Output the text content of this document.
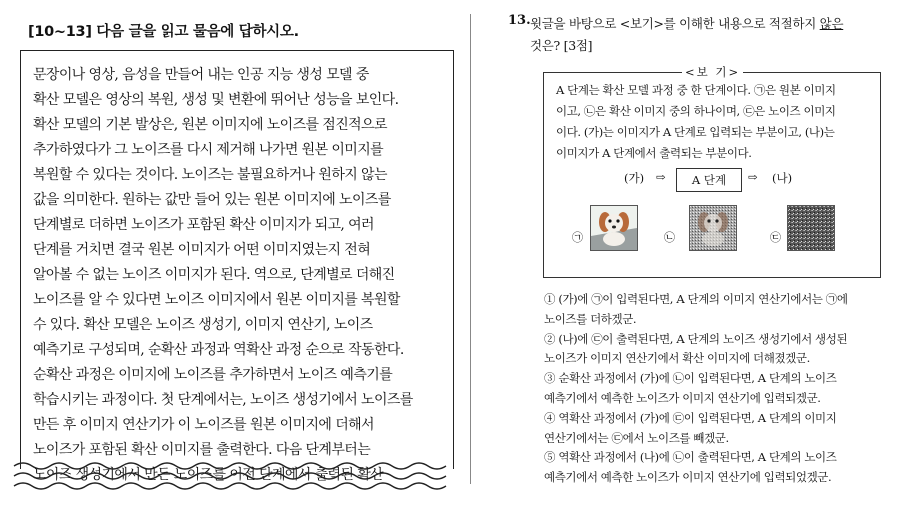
[10~13] 다음 글을 읽고 물음에 답하시오.
문장이나 영상, 음성을 만들어 내는 인공 지능 생성 모델 중
확산 모델은 영상의 복원, 생성 및 변환에 뛰어난 성능을 보인다.
확산 모델의 기본 발상은, 원본 이미지에 노이즈를 점진적으로
추가하였다가 그 노이즈를 다시 제거해 나가면 원본 이미지를
복원할 수 있다는 것이다. 노이즈는 불필요하거나 원하지 않는
값을 의미한다. 원하는 값만 들어 있는 원본 이미지에 노이즈를
단계별로 더하면 노이즈가 포함된 확산 이미지가 되고, 여러
단계를 거치면 결국 원본 이미지가 어떤 이미지였는지 전혀
알아볼 수 없는 노이즈 이미지가 된다. 역으로, 단계별로 더해진
노이즈를 알 수 있다면 노이즈 이미지에서 원본 이미지를 복원할
수 있다. 확산 모델은 노이즈 생성기, 이미지 연산기, 노이즈
예측기로 구성되며, 순확산 과정과 역확산 과정 순으로 작동한다.
순확산 과정은 이미지에 노이즈를 추가하면서 노이즈 예측기를
학습시키는 과정이다. 첫 단계에서는, 노이즈 생성기에서 노이즈를
만든 후 이미지 연산기가 이 노이즈를 원본 이미지에 더해서
노이즈가 포함된 확산 이미지를 출력한다. 다음 단계부터는
노이즈 생성기에서 만든 노이즈를 이전 단계에서 출력된 확산
13. 윗글을 바탕으로 <보기>를 이해한 내용으로 적절하지 않은
것은? [3점]
<보 기>
A 단계는 확산 모델 과정 중 한 단계이다. ㉠은 원본 이미지
이고, ㉡은 확산 이미지 중의 하나이며, ㉢은 노이즈 이미지
이다. (가)는 이미지가 A 단계로 입력되는 부분이고, (나)는
이미지가 A 단계에서 출력되는 부분이다.
(가) ⇨	A 단계	⇨ (나)
㉠	㉡	㉢
① (가)에 ㉠이 입력된다면, A 단계의 이미지 연산기에서는 ㉠에
노이즈를 더하겠군.
② (나)에 ㉢이 출력된다면, A 단계의 노이즈 생성기에서 생성된
노이즈가 이미지 연산기에서 확산 이미지에 더해졌겠군.
③ 순확산 과정에서 (가)에 ㉡이 입력된다면, A 단계의 노이즈
예측기에서 예측한 노이즈가 이미지 연산기에 입력되겠군.
④ 역확산 과정에서 (가)에 ㉢이 입력된다면, A 단계의 이미지
연산기에서는 ㉢에서 노이즈를 빼겠군.
⑤ 역확산 과정에서 (나)에 ㉡이 출력된다면, A 단계의 노이즈
예측기에서 예측한 노이즈가 이미지 연산기에 입력되었겠군.
